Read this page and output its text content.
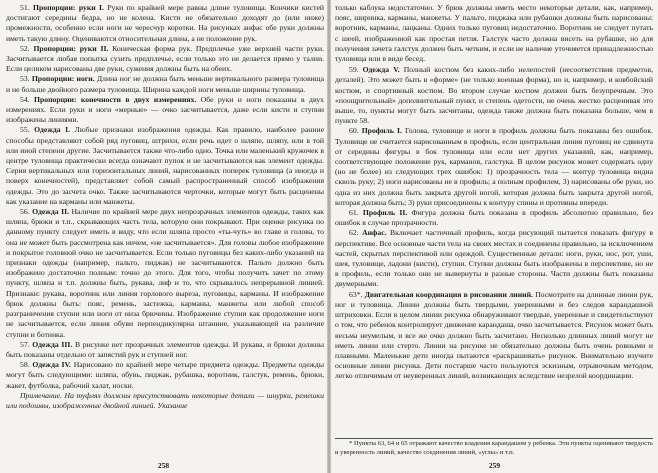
51. Пропорции: руки I. Руки по крайней мере равны длине туловища. Кончики кистей достигают середины бедра, но не колена. Кисти не обязательно доходят до (или ниже) промежности, особенно если ноги не чересчур коротки. На рисунках анфас обе руки должны иметь такую длину. Оцениваются относительная длина, а не положение рук.

52. Пропорции: руки II. Коническая форма рук. Предплечье уже верхней части руки. Засчитывается любая попытка сузить предплечье, если только это не делается прямо у талии. Если целиком нарисованы две руки, сужения должны быть на обеих.

53. Пропорции: ноги. Длина ног не должна быть меньше вертикального размера туловища и не больше двойного размера туловища. Ширина каждой ноги меньше ширины туловища.

54. Пропорции: конечности в двух измерениях. Обе руки и ноги показаны в двух измерениях. Если руки и ноги «мерные» — очко засчитывается, даже если кисти и ступни изображены линиями.

55. Одежда I. Любые признаки изображения одежды. Как правило, наиболее ранние способы представляют собой ряд пуговиц, штрихи, если речь идет о шляпе, шляпу, или в той или иной степени другие. Засчитывается также что-либо одно. Точка или маленький кружочек в центре туловища практически всегда означают пупок и не засчитываются как элемент одежды. Серия вертикальных или горизонтальных линий, нарисованных поперек туловища (а иногда и поверх конечностей), представляет собой самый распространенный способ изображения одежды. Это до засчета очко. Также засчитываются черточки, которые могут быть расценены как указание на карманы или манжеты.

56. Одежда II. Наличие по крайней мере двух непрозрачных элементов одежды, таких как шляпа, брюки и т.п., скрывающих часть тела, которую они покрывают. При оценке рисунка по данному пункту следует иметь в виду, что если шляпа просто «ты-чуть» во главе и голова, то она не может быть рассмотрена как ничем, «не засчитывается». Для головы любое изображение и покрытое головной очко не засчитывается. Если только пуговицы без каких-либо указаний на признаки одежды (например, пальто, пиджак) не засчитываются. Пальто должно быть изображено достаточно полным: точно до этого. Для того, чтобы получить зачет по этому пункту, шляпа и т.п. должны быть, рукава, лиф и то, что скрывалось непрерывной линией. Признаки: рукава, воротник или линия горлового выреза, пуговицы, карманы. И изображение брюк должны быть: пояс, ремень, застежка, карманы, манжеты или любой способ разграничения ступни или ноги от низа брючины. Изображение ступни как продолжение ноги не засчитывается, если линия обуви перпендикулярна штанине, указывающей на различие ступни и ботинка.

57. Одежда III. В рисунке нет прозрачных элементов одежды. И рукава, и брюки должны быть показаны отдельно от запястий рук и ступней ног.

58. Одежда IV. Нарисовано по крайней мере четыре предмета одежды. Предметы одежды могут быть следующими: шляпа, обувь, пиджак, рубашка, воротник, галстук, ремень, брюки, жакет, футболка, рабочий халат, носки.

Примечание. На туфлях должны присутствовать некоторые детали — шнурки, ремешки или подошвы, изображенные двойной линией. Указание

258

только каблука недостаточно. У брюк должны иметь место некоторые детали, как, например, пояс, ширинка, карманы, манжеты. У пальто, пиджака или рубашки должны быть нарисованы: воротник, карманы, лацканы. Одних только пуговиц недостаточно. Воротник не следует путать с шеей, изображенной как простая петля. Галстук часто должна висеть на рубашке, но для получения зачета галстук должен быть четким, и если не наличие уточняется принадлежностью туловища или в виде бесед.

59. Одежда V. Полный костюм без каких-либо нелепостей (несоответствия предметов, деталей). Это может быть в «форме» (не только военная форма), но и, например, и ковбойский костюм, и спортивный костюм. Во втором случае костюм должен быть безупречным. Это «поощрительный» дополнительный пункт, и степень одетости, не очень жестко расценивая это выше, то, пункты могут быть засчитаны, одежда также должна быть показана больше, чем в пункте 58.

60. Профиль I. Голова, туловище и ноги в профиль должны быть показаны без ошибок. Туловище не считается нарисованным в профиль, если центральная линия пуговиц не сдвинута от середины фигуры в бок туловища или если нет других указаний, как, например, соответствующее положение рук, карманов, галстука. В целом рисунок может содержать одну (но не более) из следующих трех ошибок: 1) прозрачность тела — контур туловища видна сквозь руку; 2) ноги нарисованы не в профиль; а полным профилем, 3) нарисованы обе руки, но одна из них должна быть закрыта другой ногой, которая должна быть закрыта другой ногой, которая должна быть; 3) руки присоединены к контуру спины и противны впереди.

61. Профиль II. Фигура должна быть показана в профиль абсолютно правильно, без ошибок в случае прозрачности.

62. Анфас. Включает частичный профиль, когда рисующий пытается показать фигуру в перспективе. Все основные части тела на своих местах и соединены правильно, за исключением частей, скрытых перспективой или одеждой. Существенные детали: ноги, руки, нос, рот, уши, шея, туловище, ладони (кисти), ступни. Ступни должны быть изображены в перспективе, но не в профиль, если только они не вывернуты в разные стороны. Части должны быть показаны двумерными.

63*. Двигательная координация в рисовании линий. Посмотрите на длинные линии рук, ног и туловища. Линии должны быть твердыми, уверенными и без следов карандашной штриховки. Если в целом линии рисунка обнаруживают твердые, уверенные и свидетельствуют о том, что ребенок контролирует движение карандаша, очко засчитывается. Рисунок может быть весьма неумелым, и все же очко должно быть засчитано. Несколько длинных линий могут не иметь линии или стерто. Линии на рисунке не обязательно должны быть очень ровными и плавными. Маленькие дети иногда пытаются «раскрашивать» рисунок. Внимательно изучите основные линии рисунка. Дети постарше часто пользуются эскизным, отрывочным методом, легко отличимым от неуверенных линий, возникающих вследствие незрелой координации.

* Пункты 63, 64 и 65 отражают качество владения карандашом у ребенка. Эти пункты оценивают твердость и уверенность линий, качество соединения линий, «углы» и т.п.

259
